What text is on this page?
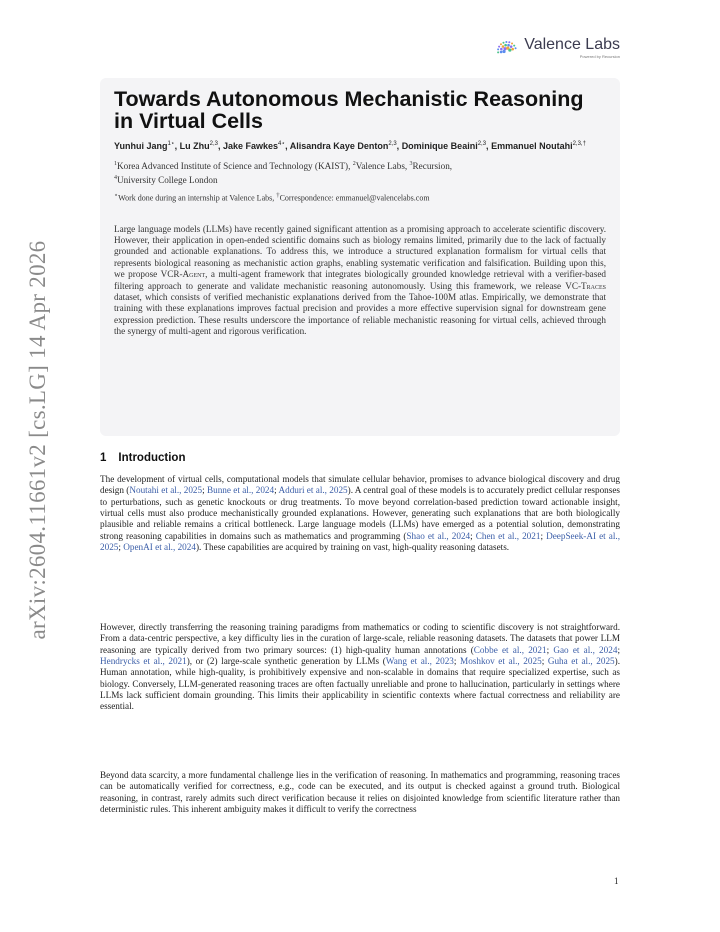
arXiv:2604.11661v2 [cs.LG] 14 Apr 2026
Valence Labs
Powered by Recursion
Towards Autonomous Mechanistic Reasoning in Virtual Cells
Yunhui Jang$^{1⋆}$, Lu Zhu$^{2,3}$, Jake Fawkes$^{4⋆}$, Alisandra Kaye Denton$^{2,3}$, Dominique Beaini$^{2,3}$, Emmanuel Noutahi$^{2,3,\dagger}$
$^1$Korea Advanced Institute of Science and Technology (KAIST), $^2$Valence Labs, $^3$Recursion,
$^4$University College London
⋆Work done during an internship at Valence Labs, †Correspondence: emmanuel@valencelabs.com

Large language models (LLMs) have recently gained significant attention as a promising approach to accelerate scientific discovery. However, their application in open-ended scientific domains such as biology remains limited, primarily due to the lack of factually grounded and actionable explanations. To address this, we introduce a structured explanation formalism for virtual cells that represents biological reasoning as mechanistic action graphs, enabling systematic verification and falsification. Building upon this, we propose VCR-Agent, a multi-agent framework that integrates biologically grounded knowledge retrieval with a verifier-based filtering approach to generate and validate mechanistic reasoning autonomously. Using this framework, we release VC-Traces dataset, which consists of verified mechanistic explanations derived from the Tahoe-100M atlas. Empirically, we demonstrate that training with these explanations improves factual precision and provides a more effective supervision signal for downstream gene expression prediction. These results underscore the importance of reliable mechanistic reasoning for virtual cells, achieved through the synergy of multi-agent and rigorous verification.

1 Introduction

The development of virtual cells, computational models that simulate cellular behavior, promises to advance biological discovery and drug design (Noutahi et al., 2025; Bunne et al., 2024; Adduri et al., 2025). A central goal of these models is to accurately predict cellular responses to perturbations, such as genetic knockouts or drug treatments. To move beyond correlation-based prediction toward actionable insight, virtual cells must also produce mechanistically grounded explanations. However, generating such explanations that are both biologically plausible and reliable remains a critical bottleneck. Large language models (LLMs) have emerged as a potential solution, demonstrating strong reasoning capabilities in domains such as mathematics and programming (Shao et al., 2024; Chen et al., 2021; DeepSeek-AI et al., 2025; OpenAI et al., 2024). These capabilities are acquired by training on vast, high-quality reasoning datasets.

However, directly transferring the reasoning training paradigms from mathematics or coding to scientific discovery is not straightforward. From a data-centric perspective, a key difficulty lies in the curation of large-scale, reliable reasoning datasets. The datasets that power LLM reasoning are typically derived from two primary sources: (1) high-quality human annotations (Cobbe et al., 2021; Gao et al., 2024; Hendrycks et al., 2021), or (2) large-scale synthetic generation by LLMs (Wang et al., 2023; Moshkov et al., 2025; Guha et al., 2025). Human annotation, while high-quality, is prohibitively expensive and non-scalable in domains that require specialized expertise, such as biology. Conversely, LLM-generated reasoning traces are often factually unreliable and prone to hallucination, particularly in settings where LLMs lack sufficient domain grounding. This limits their applicability in scientific contexts where factual correctness and reliability are essential.

Beyond data scarcity, a more fundamental challenge lies in the verification of reasoning. In mathematics and programming, reasoning traces can be automatically verified for correctness, e.g., code can be executed, and its output is checked against a ground truth. Biological reasoning, in contrast, rarely admits such direct verification because it relies on disjointed knowledge from scientific literature rather than deterministic rules. This inherent ambiguity makes it difficult to verify the correctness

1
